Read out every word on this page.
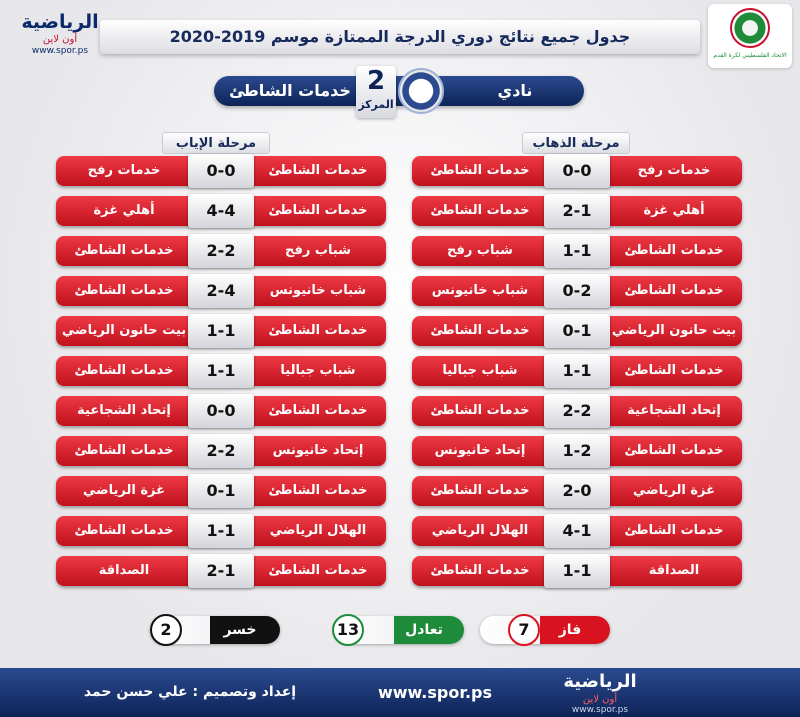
جدول جميع نتائج دوري الدرجة الممتازة موسم 2019-2020
الرياضية
أون لاين
www.spor.ps	الاتحاد الفلسطيني لكرة القدم
نادي
خدمات الشاطئ 2
المركز
مرحلة الذهاب
مرحلة الإياب
خدمات الشاطئ	0-0	خدمات رفح
خدمات الشاطئ	2-1	أهلي غزة
شباب رفح	1-1	خدمات الشاطئ
شباب خانيونس	0-2	خدمات الشاطئ
خدمات الشاطئ	0-1	بيت حانون الرياضي
شباب جباليا	1-1	خدمات الشاطئ
خدمات الشاطئ	2-2	إتحاد الشجاعية
إتحاد خانيونس	1-2	خدمات الشاطئ
خدمات الشاطئ	2-0	غزة الرياضي
الهلال الرياضي	4-1	خدمات الشاطئ
خدمات الشاطئ	1-1	الصداقة
خدمات رفح	0-0	خدمات الشاطئ
أهلي غزة	4-4	خدمات الشاطئ
خدمات الشاطئ	2-2	شباب رفح
خدمات الشاطئ	2-4	شباب خانيونس
بيت حانون الرياضي	1-1	خدمات الشاطئ
خدمات الشاطئ	1-1	شباب جباليا
إتحاد الشجاعية	0-0	خدمات الشاطئ
خدمات الشاطئ	2-2	إتحاد خانيونس
غزة الرياضي	0-1	خدمات الشاطئ
خدمات الشاطئ	1-1	الهلال الرياضي
الصداقة	2-1	خدمات الشاطئ
فاز
7
تعادل
13
خسر
2
إعداد وتصميم : علي حسن حمد	www.spor.ps
الرياضية
أون لاين
www.spor.ps
